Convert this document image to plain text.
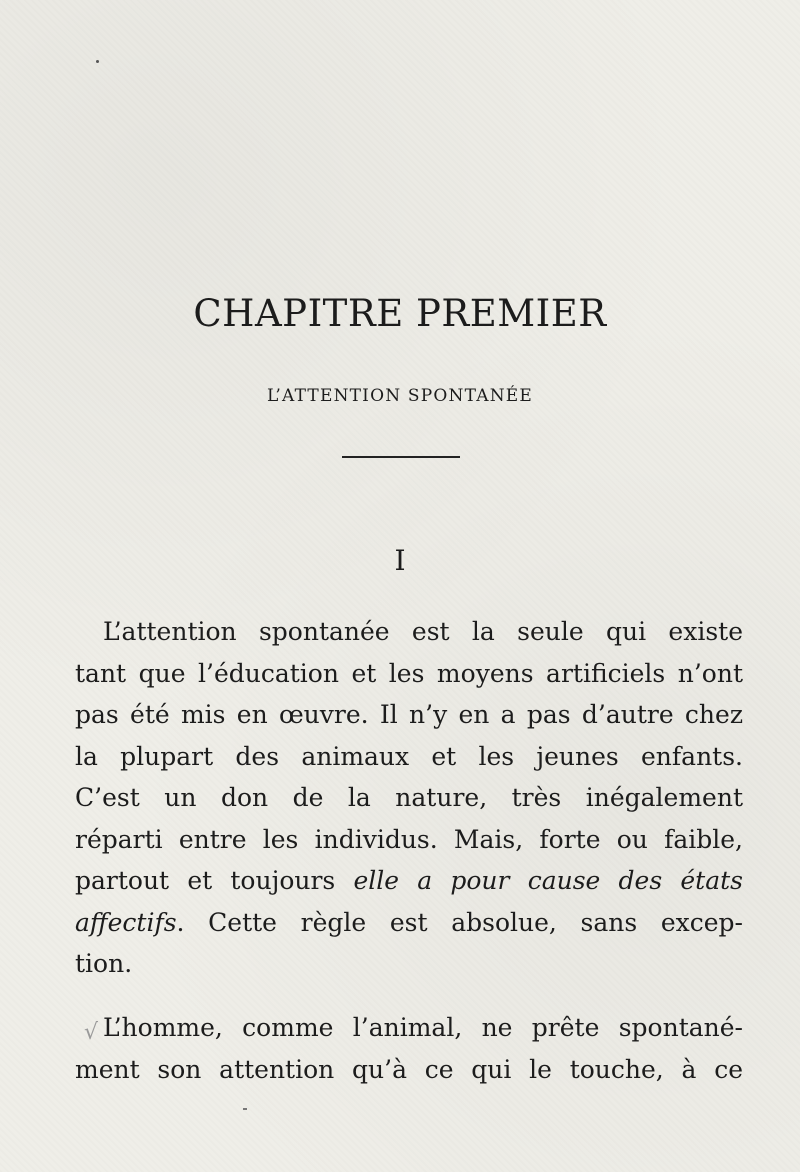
CHAPITRE PREMIER
L’ATTENTION SPONTANÉE
I
L’attention spontanée est la seule qui existe
tant que l’éducation et les moyens artificiels n’ont
pas été mis en œuvre. Il n’y en a pas d’autre chez
la plupart des animaux et les jeunes enfants.
C’est un don de la nature, très inégalement
réparti entre les individus. Mais, forte ou faible,
partout et toujours elle a pour cause des états
affectifs. Cette règle est absolue, sans excep-
tion.
√ L’homme, comme l’animal, ne prête spontané-
ment son attention qu’à ce qui le touche, à ce
